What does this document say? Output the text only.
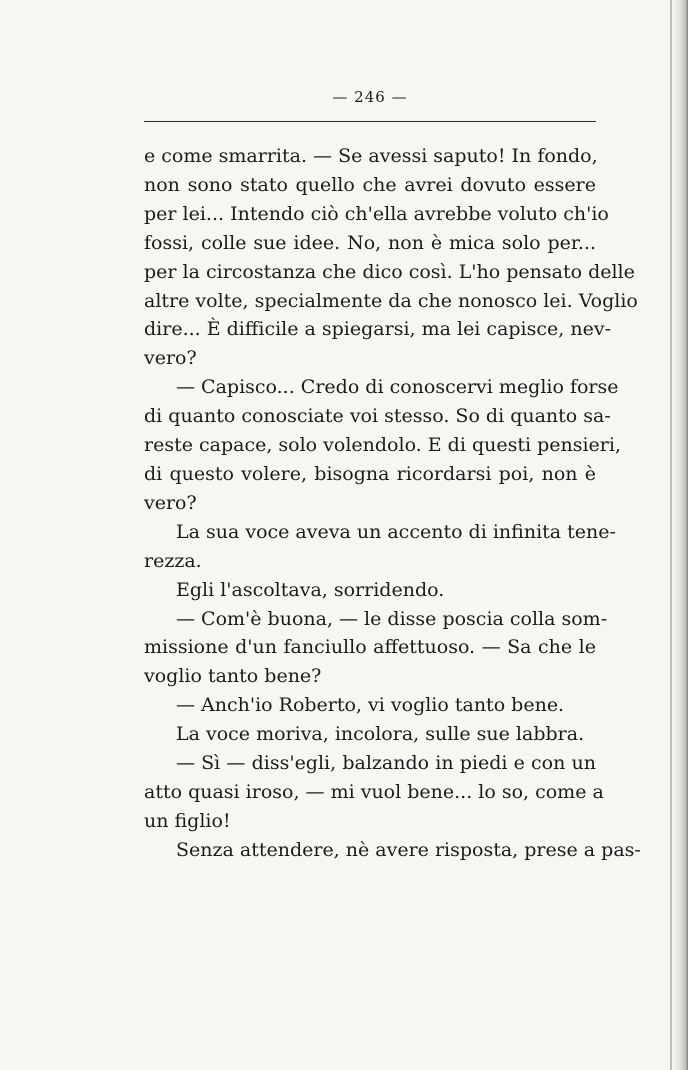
— 246 —
e come smarrita. — Se avessi saputo! In fondo,
non sono stato quello che avrei dovuto essere
per lei... Intendo ciò ch'ella avrebbe voluto ch'io
fossi, colle sue idee. No, non è mica solo per...
per la circostanza che dico così. L'ho pensato delle
altre volte, specialmente da che nonosco lei. Voglio
dire... È difficile a spiegarsi, ma lei capisce, nev-
vero?
— Capisco... Credo di conoscervi meglio forse
di quanto conosciate voi stesso. So di quanto sa-
reste capace, solo volendolo. E di questi pensieri,
di questo volere, bisogna ricordarsi poi, non è
vero?
La sua voce aveva un accento di infinita tene-
rezza.
Egli l'ascoltava, sorridendo.
— Com'è buona, — le disse poscia colla som-
missione d'un fanciullo affettuoso. — Sa che le
voglio tanto bene?
— Anch'io Roberto, vi voglio tanto bene.
La voce moriva, incolora, sulle sue labbra.
— Sì — diss'egli, balzando in piedi e con un
atto quasi iroso, — mi vuol bene... lo so, come a
un figlio!
Senza attendere, nè avere risposta, prese a pas-
